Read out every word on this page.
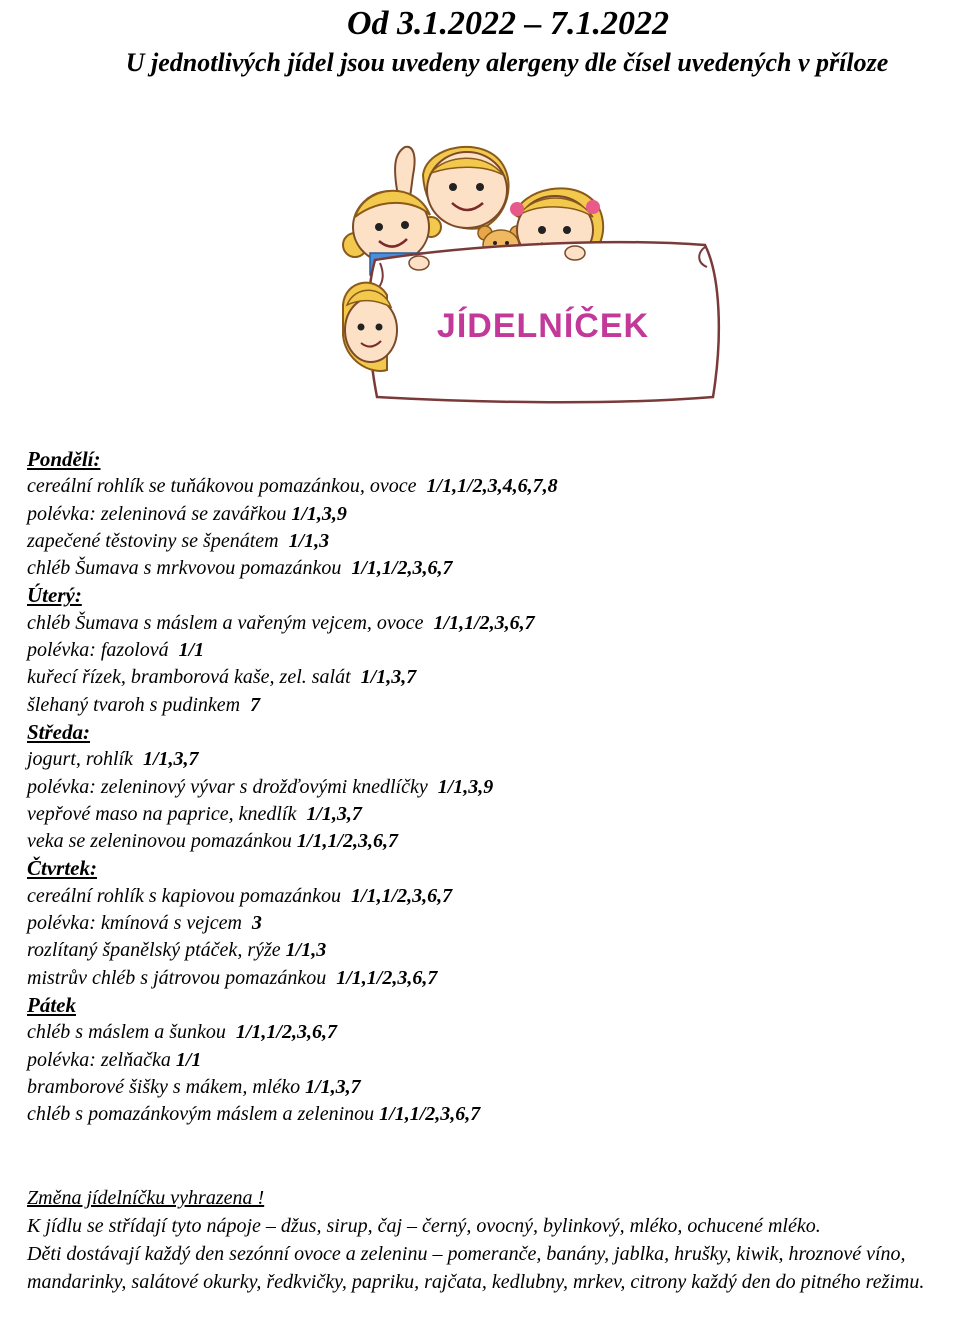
Od 3.1.2022 – 7.1.2022
U jednotlivých jídel jsou uvedeny alergeny dle čísel uvedených v příloze
JÍDELNÍČEK
Pondělí:
cereální rohlík se tuňákovou pomazánkou, ovoce  1/1,1/2,3,4,6,7,8
polévka: zeleninová se zavářkou 1/1,3,9
zapečené těstoviny se špenátem  1/1,3
chléb Šumava s mrkvovou pomazánkou  1/1,1/2,3,6,7
Úterý:
chléb Šumava s máslem a vařeným vejcem, ovoce  1/1,1/2,3,6,7
polévka: fazolová  1/1
kuřecí řízek, bramborová kaše, zel. salát  1/1,3,7
šlehaný tvaroh s pudinkem  7
Středa:
jogurt, rohlík  1/1,3,7
polévka: zeleninový vývar s drožďovými knedlíčky  1/1,3,9
vepřové maso na paprice, knedlík  1/1,3,7
veka se zeleninovou pomazánkou 1/1,1/2,3,6,7
Čtvrtek:
cereální rohlík s kapiovou pomazánkou  1/1,1/2,3,6,7
polévka: kmínová s vejcem  3
rozlítaný španělský ptáček, rýže 1/1,3
mistrův chléb s játrovou pomazánkou  1/1,1/2,3,6,7
Pátek
chléb s máslem a šunkou  1/1,1/2,3,6,7
polévka: zelňačka 1/1
bramborové šišky s mákem, mléko 1/1,3,7
chléb s pomazánkovým máslem a zeleninou 1/1,1/2,3,6,7

Změna jídelníčku vyhrazena !

K jídlu se střídají tyto nápoje – džus, sirup, čaj – černý, ovocný, bylinkový, mléko, ochucené mléko.

Děti dostávají každý den sezónní ovoce a zeleninu – pomeranče, banány, jablka, hrušky, kiwik, hroznové víno, mandarinky, salátové okurky, ředkvičky, papriku, rajčata, kedlubny, mrkev, citrony každý den do pitného režimu.
